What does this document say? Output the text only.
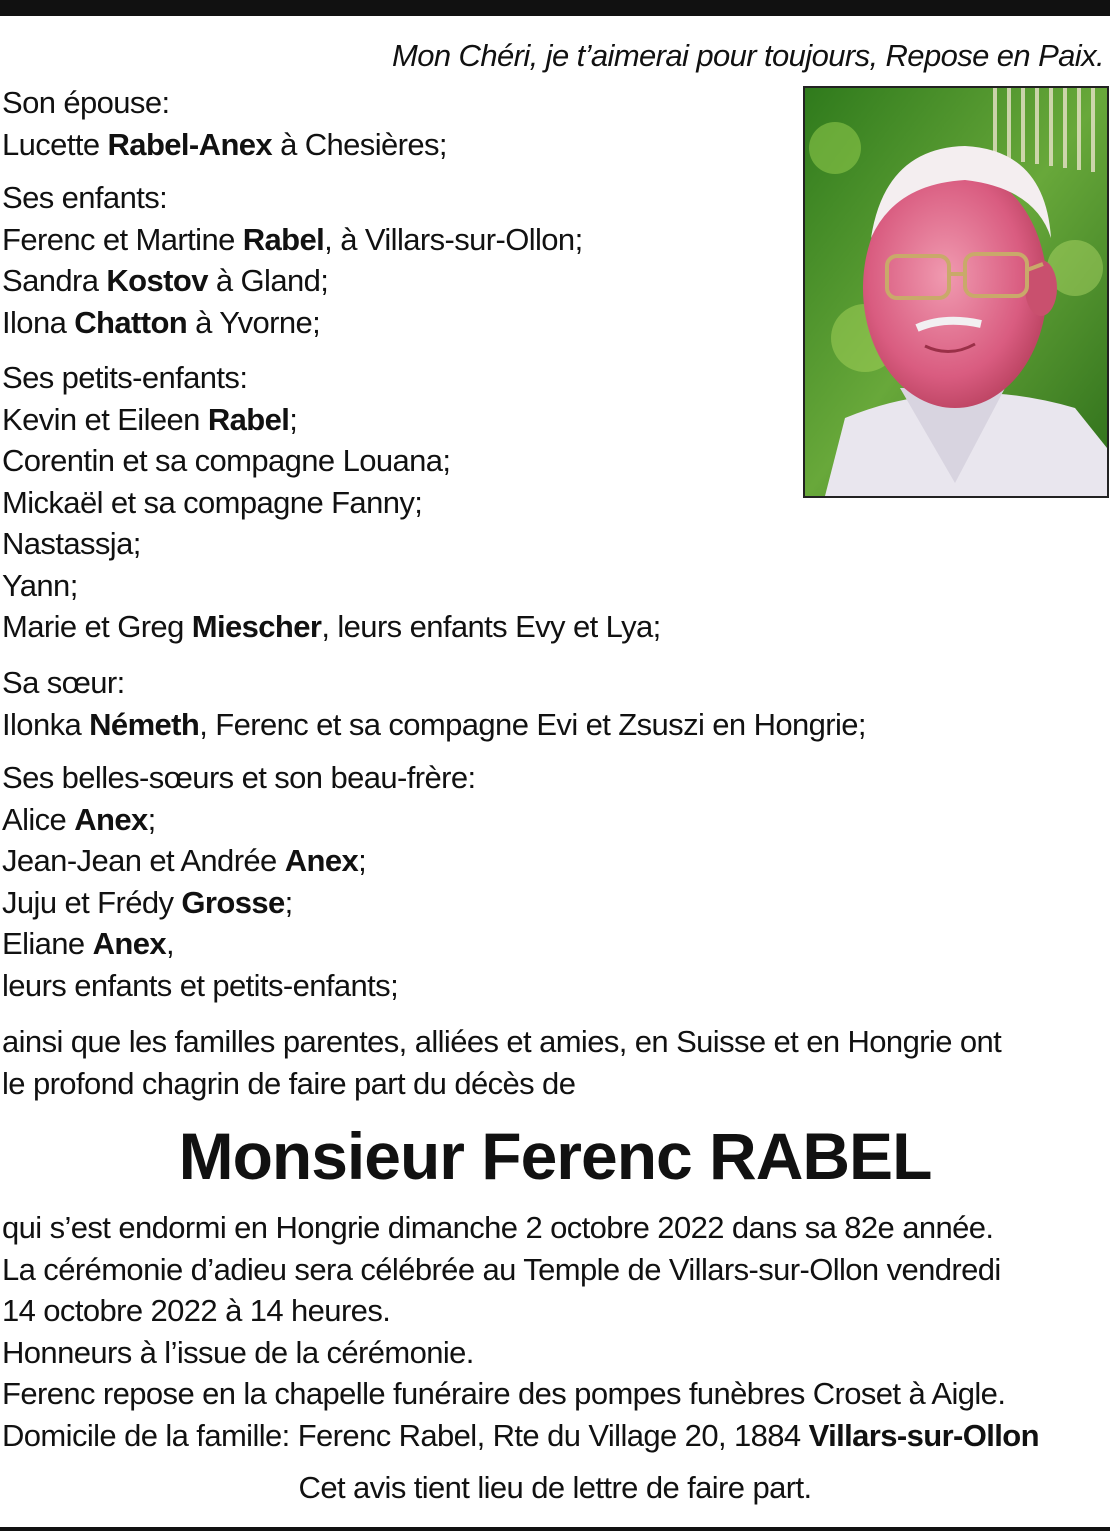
Mon Chéri, je t’aimerai pour toujours, Repose en Paix.
Son épouse:
Lucette Rabel-Anex à Chesières;
Ses enfants:
Ferenc et Martine Rabel, à Villars-sur-Ollon;
Sandra Kostov à Gland;
Ilona Chatton à Yvorne;
Ses petits-enfants:
Kevin et Eileen Rabel;
Corentin et sa compagne Louana;
Mickaël et sa compagne Fanny;
Nastassja;
Yann;
Marie et Greg Miescher, leurs enfants Evy et Lya;
Sa sœur:
Ilonka Németh, Ferenc et sa compagne Evi et Zsuszi en Hongrie;
Ses belles-sœurs et son beau-frère:
Alice Anex;
Jean-Jean et Andrée Anex;
Juju et Frédy Grosse;
Eliane Anex,
leurs enfants et petits-enfants;
ainsi que les familles parentes, alliées et amies, en Suisse et en Hongrie ont
le profond chagrin de faire part du décès de
Monsieur Ferenc RABEL
qui s’est endormi en Hongrie dimanche 2 octobre 2022 dans sa 82e année.
La cérémonie d’adieu sera célébrée au Temple de Villars-sur-Ollon vendredi
14 octobre 2022 à 14 heures.
Honneurs à l’issue de la cérémonie.
Ferenc repose en la chapelle funéraire des pompes funèbres Croset à Aigle.
Domicile de la famille: Ferenc Rabel, Rte du Village 20, 1884 Villars-sur-Ollon
Cet avis tient lieu de lettre de faire part.
